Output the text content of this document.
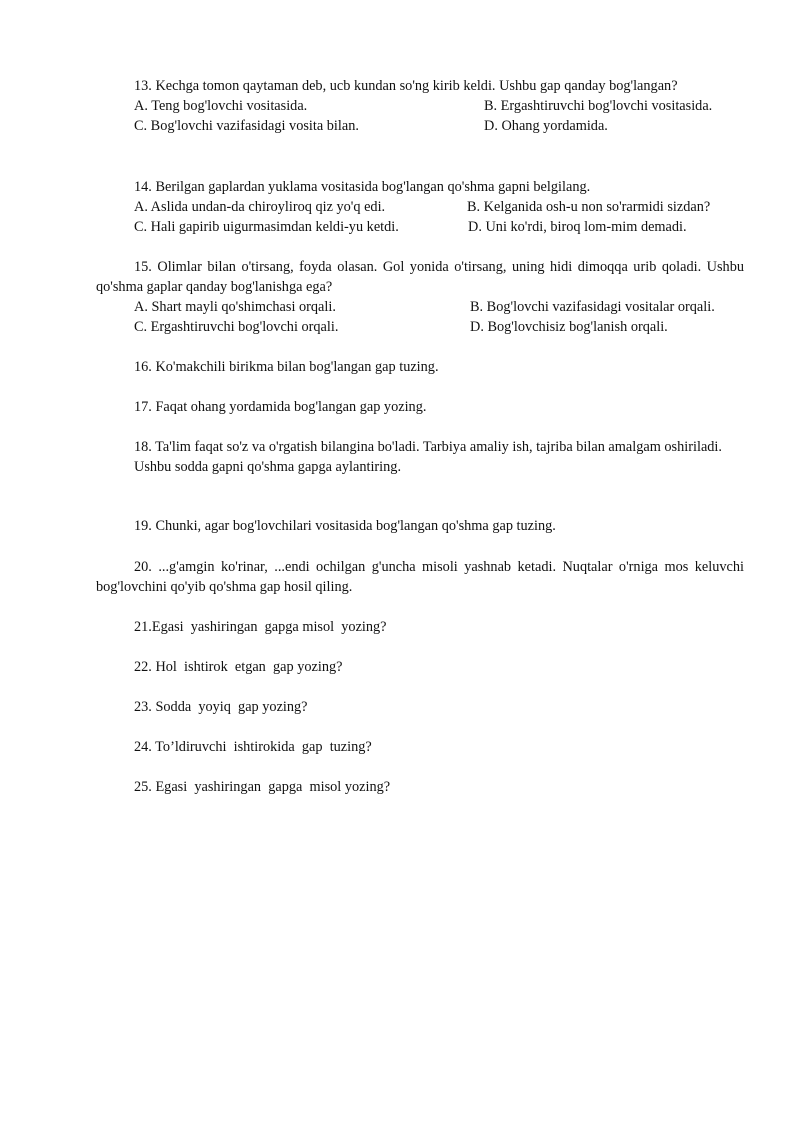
13. Kechga tomon qaytaman deb, ucb kundan so'ng kirib keldi. Ushbu gap qanday bog'langan?
A. Teng bog'lovchi vositasida.	B. Ergashtiruvchi bog'lovchi vositasida.
C. Bog'lovchi vazifasidagi vosita bilan.	D. Ohang yordamida.
14. Berilgan gaplardan yuklama vositasida bog'langan qo'shma gapni belgilang.
A. Aslida undan-da chiroyliroq qiz yo'q edi.	B. Kelganida osh-u non so'rarmidi sizdan?
C. Hali gapirib uigurmasimdan keldi-yu ketdi.	D. Uni ko'rdi, biroq lom-mim demadi.
15. Olimlar bilan o'tirsang, foyda olasan. Gol yonida o'tirsang, uning hidi dimoqqa urib qoladi. Ushbu qo'shma gaplar qanday bog'lanishga ega?
A. Shart mayli qo'shimchasi orqali.	B. Bog'lovchi vazifasidagi vositalar orqali.
C. Ergashtiruvchi bog'lovchi orqali.	D. Bog'lovchisiz bog'lanish orqali.
16. Ko'makchili birikma bilan bog'langan gap tuzing.
17. Faqat ohang yordamida bog'langan gap yozing.
18. Ta'lim faqat so'z va o'rgatish bilangina bo'ladi. Tarbiya amaliy ish, tajriba bilan amalgam oshiriladi.
Ushbu sodda gapni qo'shma gapga aylantiring.
19. Chunki, agar bog'lovchilari vositasida bog'langan qo'shma gap tuzing.
20. ...g'amgin ko'rinar, ...endi ochilgan g'uncha misoli yashnab ketadi. Nuqtalar o'rniga mos keluvchi bog'lovchini qo'yib qo'shma gap hosil qiling.
21.Egasi  yashiringan  gapga misol  yozing?
22. Hol  ishtirok  etgan  gap yozing?
23. Sodda  yoyiq  gap yozing?
24. To’ldiruvchi  ishtirokida  gap  tuzing?
25. Egasi  yashiringan  gapga  misol yozing?
